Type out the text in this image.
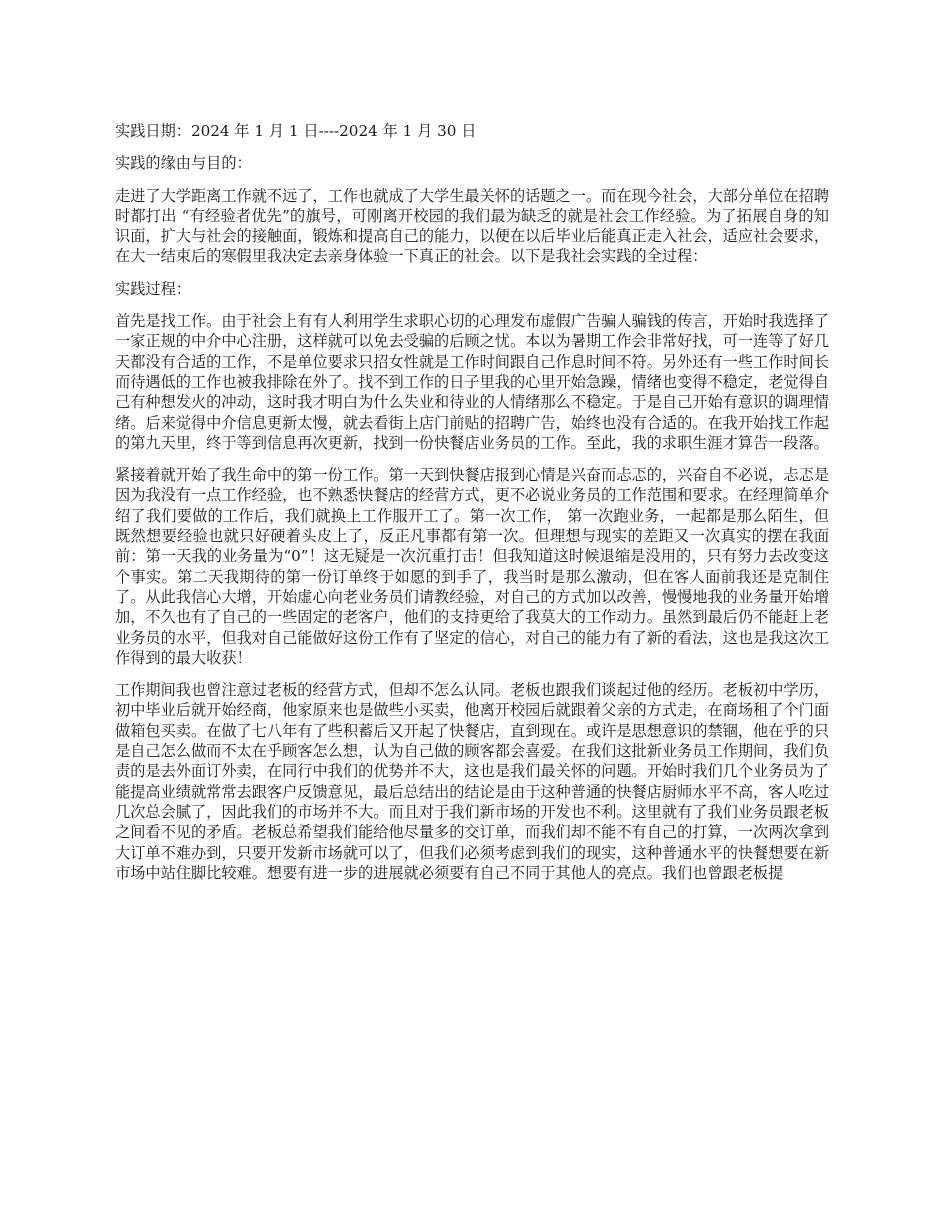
实践日期：2024 年 1 月 1 日----2024 年 1 月 30 日

实践的缘由与目的：

走进了大学距离工作就不远了，工作也就成了大学生最关怀的话题之一。而在现今社会，大部分单位在招聘时都打出 “有经验者优先”的旗号，可刚离开校园的我们最为缺乏的就是社会工作经验。为了拓展自身的知识面，扩大与社会的接触面，锻炼和提高自己的能力，以便在以后毕业后能真正走入社会，适应社会要求， 在大一结束后的寒假里我决定去亲身体验一下真正的社会。以下是我社会实践的全过程：

实践过程：

首先是找工作。由于社会上有有人利用学生求职心切的心理发布虚假广告骗人骗钱的传言，开始时我选择了一家正规的中介中心注册，这样就可以免去受骗的后顾之忧。本以为暑期工作会非常好找，可一连等了好几天都没有合适的工作，不是单位要求只招女性就是工作时间跟自己作息时间不符。另外还有一些工作时间长而待遇低的工作也被我排除在外了。找不到工作的日子里我的心里开始急躁，情绪也变得不稳定，老觉得自己有种想发火的冲动，这时我才明白为什么失业和待业的人情绪那么不稳定。于是自己开始有意识的调理情绪。后来觉得中介信息更新太慢，就去看街上店门前贴的招聘广告，始终也没有合适的。在我开始找工作起的第九天里，终于等到信息再次更新，找到一份快餐店业务员的工作。至此，我的求职生涯才算告一段落。

紧接着就开始了我生命中的第一份工作。第一天到快餐店报到心情是兴奋而忐忑的，兴奋自不必说，忐忑是因为我没有一点工作经验，也不熟悉快餐店的经营方式，更不必说业务员的工作范围和要求。在经理简单介绍了我们要做的工作后，我们就换上工作服开工了。第一次工作， 第一次跑业务，一起都是那么陌生，但既然想要经验也就只好硬着头皮上了，反正凡事都有第一次。但理想与现实的差距又一次真实的摆在我面前：第一天我的业务量为“0”！这无疑是一次沉重打击！但我知道这时候退缩是没用的，只有努力去改变这个事实。第二天我期待的第一份订单终于如愿的到手了，我当时是那么激动，但在客人面前我还是克制住了。从此我信心大增，开始虚心向老业务员们请教经验，对自己的方式加以改善，慢慢地我的业务量开始增加，不久也有了自己的一些固定的老客户，他们的支持更给了我莫大的工作动力。虽然到最后仍不能赶上老业务员的水平，但我对自己能做好这份工作有了坚定的信心，对自己的能力有了新的看法，这也是我这次工作得到的最大收获！

工作期间我也曾注意过老板的经营方式，但却不怎么认同。老板也跟我们谈起过他的经历。老板初中学历，初中毕业后就开始经商，他家原来也是做些小买卖，他离开校园后就跟着父亲的方式走，在商场租了个门面做箱包买卖。在做了七八年有了些积蓄后又开起了快餐店，直到现在。或许是思想意识的禁锢，他在乎的只是自己怎么做而不太在乎顾客怎么想，认为自己做的顾客都会喜爱。在我们这批新业务员工作期间，我们负责的是去外面订外卖，在同行中我们的优势并不大，这也是我们最关怀的问题。开始时我们几个业务员为了能提高业绩就常常去跟客户反馈意见，最后总结出的结论是由于这种普通的快餐店厨师水平不高，客人吃过几次总会腻了，因此我们的市场并不大。而且对于我们新市场的开发也不利。这里就有了我们业务员跟老板之间看不见的矛盾。老板总希望我们能给他尽量多的交订单，而我们却不能不有自己的打算，一次两次拿到大订单不难办到，只要开发新市场就可以了，但我们必须考虑到我们的现实，这种普通水平的快餐想要在新市场中站住脚比较难。想要有进一步的进展就必须要有自己不同于其他人的亮点。我们也曾跟老板提
